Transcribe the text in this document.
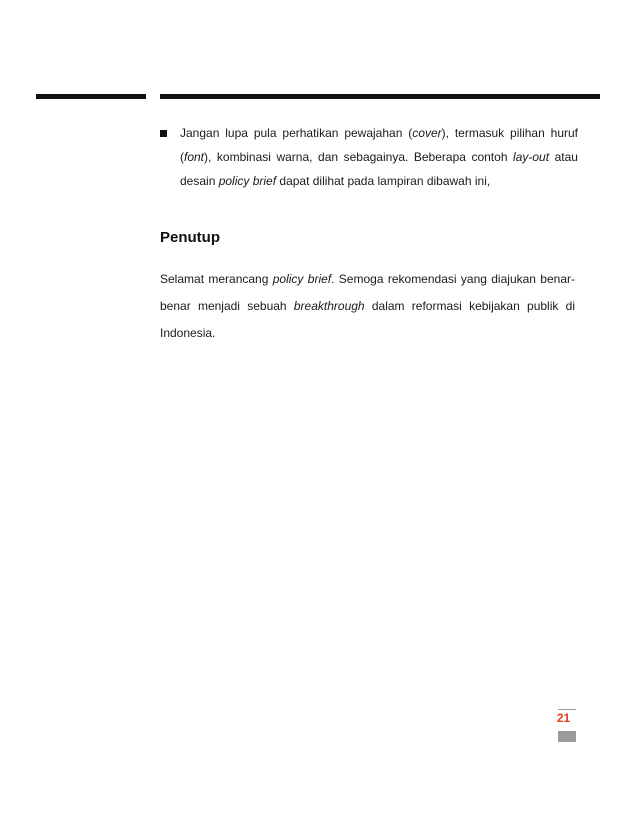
Jangan lupa pula perhatikan pewajahan (cover), termasuk pilihan huruf (font), kombinasi warna, dan sebagainya. Beberapa contoh lay-out atau desain policy brief dapat dilihat pada lampiran dibawah ini,
Penutup

Selamat merancang policy brief. Semoga rekomendasi yang diajukan benar-benar menjadi sebuah breakthrough dalam reformasi kebijakan publik di Indonesia.

21
